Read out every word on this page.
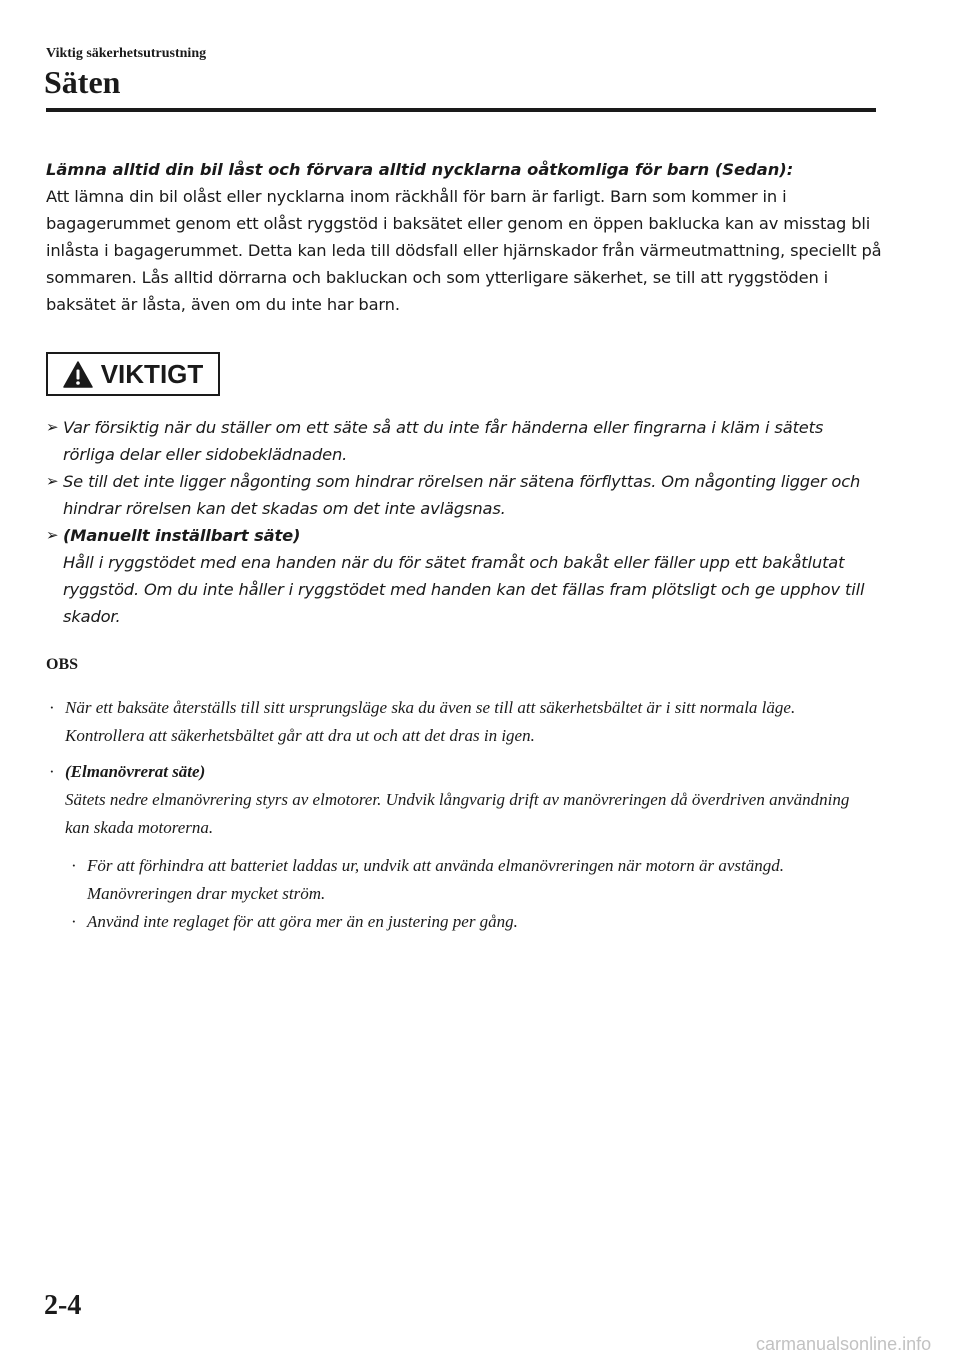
Viktig säkerhetsutrustning
Säten

Lämna alltid din bil låst och förvara alltid nycklarna oåtkomliga för barn (Sedan):

Att lämna din bil olåst eller nycklarna inom räckhåll för barn är farligt. Barn som kommer in i bagagerummet genom ett olåst ryggstöd i baksätet eller genom en öppen baklucka kan av misstag bli inlåsta i bagagerummet. Detta kan leda till dödsfall eller hjärnskador från värmeutmattning, speciellt på sommaren. Lås alltid dörrarna och bakluckan och som ytterligare säkerhet, se till att ryggstöden i baksätet är låsta, även om du inte har barn.

VIKTIGT
➢ Var försiktig när du ställer om ett säte så att du inte får händerna eller fingrarna i kläm i sätets rörliga delar eller sidobeklädnaden.
➢ Se till det inte ligger någonting som hindrar rörelsen när sätena förflyttas. Om någonting ligger och hindrar rörelsen kan det skadas om det inte avlägsnas.
➢ (Manuellt inställbart säte)
Håll i ryggstödet med ena handen när du för sätet framåt och bakåt eller fäller upp ett bakåtlutat ryggstöd. Om du inte håller i ryggstödet med handen kan det fällas fram plötsligt och ge upphov till skador.
OBS
· När ett baksäte återställs till sitt ursprungsläge ska du även se till att säkerhetsbältet är i sitt normala läge. Kontrollera att säkerhetsbältet går att dra ut och att det dras in igen.
· (Elmanövrerat säte)
Sätets nedre elmanövrering styrs av elmotorer. Undvik långvarig drift av manövreringen då överdriven användning kan skada motorerna.
· För att förhindra att batteriet laddas ur, undvik att använda elmanövreringen när motorn är avstängd. Manövreringen drar mycket ström.
· Använd inte reglaget för att göra mer än en justering per gång.
2-4
carmanualsonline.info
